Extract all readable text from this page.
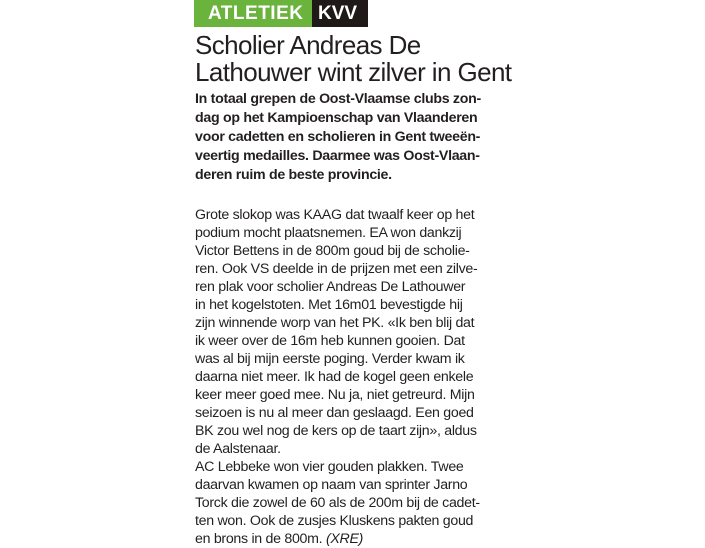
ATLETIEK KVV
Scholier Andreas De
Lathouwer wint zilver in Gent
In totaal grepen de Oost-Vlaamse clubs zon-
dag op het Kampioenschap van Vlaanderen
voor cadetten en scholieren in Gent tweeën-
veertig medailles. Daarmee was Oost-Vlaan-
deren ruim de beste provincie.
Grote slokop was KAAG dat twaalf keer op het
podium mocht plaatsnemen. EA won dankzij
Victor Bettens in de 800m goud bij de scholie-
ren. Ook VS deelde in de prijzen met een zilve-
ren plak voor scholier Andreas De Lathouwer
in het kogelstoten. Met 16m01 bevestigde hij
zijn winnende worp van het PK. «Ik ben blij dat
ik weer over de 16m heb kunnen gooien. Dat
was al bij mijn eerste poging. Verder kwam ik
daarna niet meer. Ik had de kogel geen enkele
keer meer goed mee. Nu ja, niet getreurd. Mijn
seizoen is nu al meer dan geslaagd. Een goed
BK zou wel nog de kers op de taart zijn», aldus
de Aalstenaar.
AC Lebbeke won vier gouden plakken. Twee
daarvan kwamen op naam van sprinter Jarno
Torck die zowel de 60 als de 200m bij de cadet-
ten won. Ook de zusjes Kluskens pakten goud
en brons in de 800m. (XRE)
